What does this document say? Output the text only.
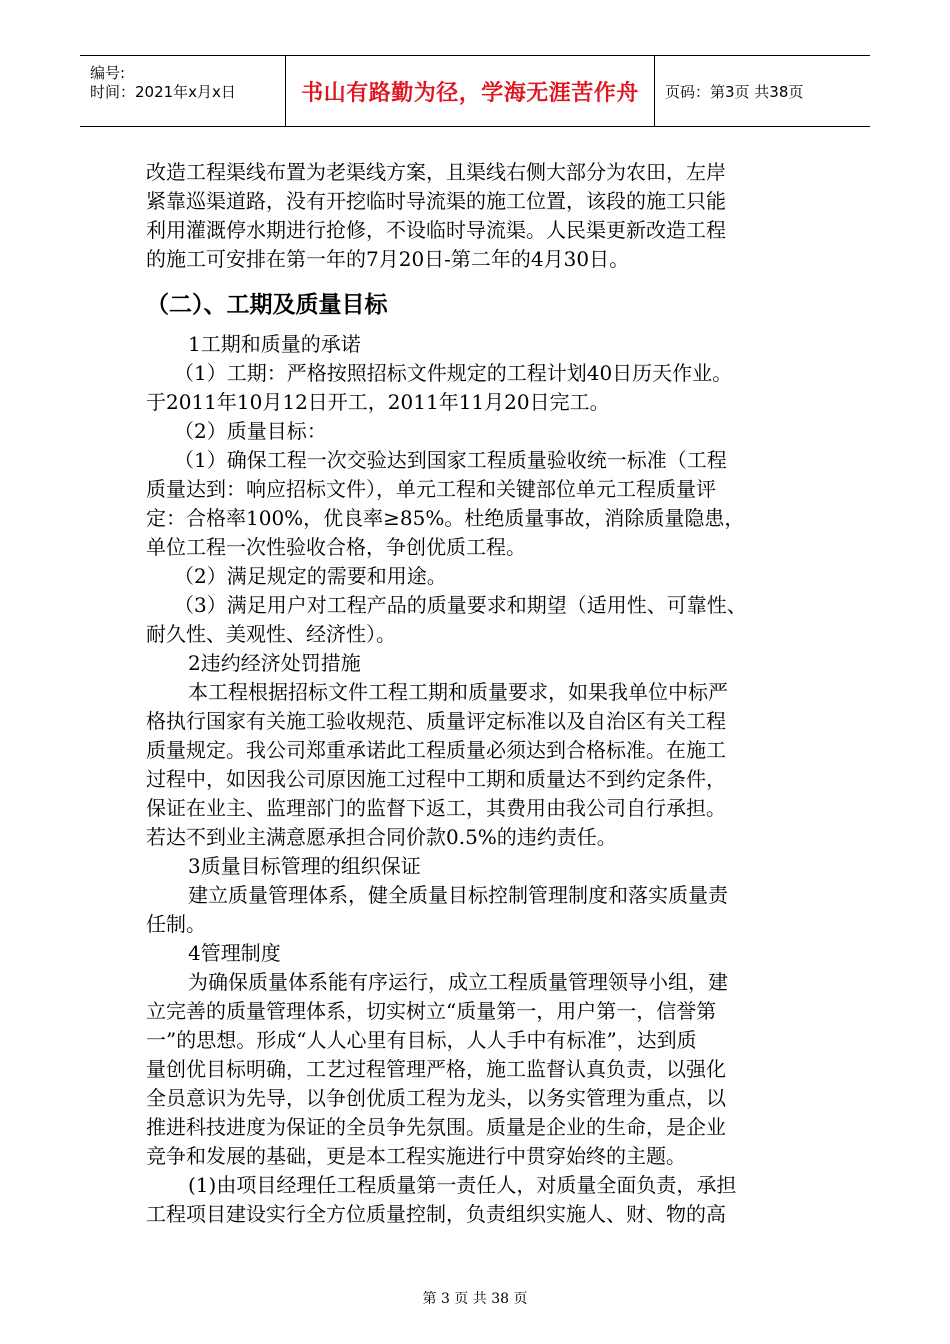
编号:
时间：2021年x月x日	书山有路勤为径，学海无涯苦作舟	页码：第3页 共38页
改造工程渠线布置为老渠线方案，且渠线右侧大部分为农田，左岸
紧靠巡渠道路，没有开挖临时导流渠的施工位置，该段的施工只能
利用灌溉停水期进行抢修，不设临时导流渠。人民渠更新改造工程
的施工可安排在第一年的7月20日-第二年的4月30日。
（二）、工期及质量目标
1工期和质量的承诺
（1）工期：严格按照招标文件规定的工程计划40日历天作业。
于2011年10月12日开工，2011年11月20日完工。
（2）质量目标：
（1）确保工程一次交验达到国家工程质量验收统一标准（工程
质量达到：响应招标文件），单元工程和关键部位单元工程质量评
定：合格率100%，优良率≥85%。杜绝质量事故，消除质量隐患，
单位工程一次性验收合格，争创优质工程。
（2）满足规定的需要和用途。
（3）满足用户对工程产品的质量要求和期望（适用性、可靠性、
耐久性、美观性、经济性）。
2违约经济处罚措施
本工程根据招标文件工程工期和质量要求，如果我单位中标严
格执行国家有关施工验收规范、质量评定标准以及自治区有关工程
质量规定。我公司郑重承诺此工程质量必须达到合格标准。在施工
过程中，如因我公司原因施工过程中工期和质量达不到约定条件，
保证在业主、监理部门的监督下返工，其费用由我公司自行承担。
若达不到业主满意愿承担合同价款0.5%的违约责任。
3质量目标管理的组织保证
建立质量管理体系，健全质量目标控制管理制度和落实质量责
任制。
4管理制度
为确保质量体系能有序运行，成立工程质量管理领导小组，建
立完善的质量管理体系，切实树立“质量第一，用户第一，信誉第
一”的思想。形成“人人心里有目标，人人手中有标准”，达到质
量创优目标明确，工艺过程管理严格，施工监督认真负责，以强化
全员意识为先导，以争创优质工程为龙头，以务实管理为重点，以
推进科技进度为保证的全员争先氛围。质量是企业的生命，是企业
竞争和发展的基础，更是本工程实施进行中贯穿始终的主题。
(1)由项目经理任工程质量第一责任人，对质量全面负责，承担
工程项目建设实行全方位质量控制，负责组织实施人、财、物的高
第 3 页 共 38 页
